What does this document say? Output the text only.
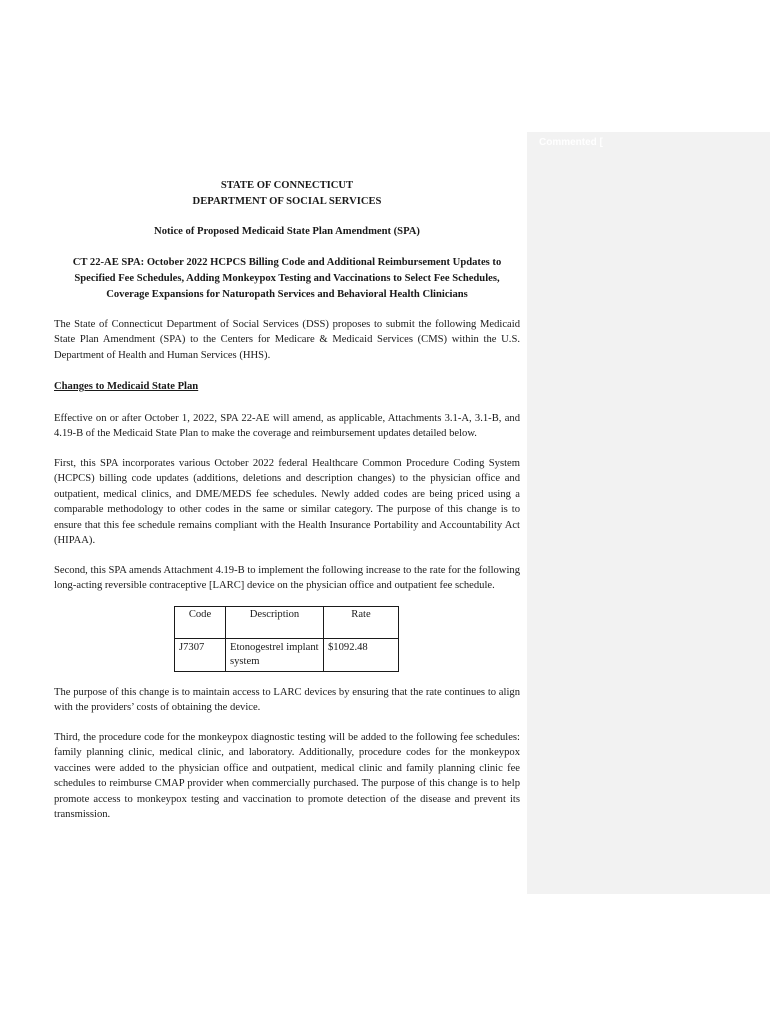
STATE OF CONNECTICUT
DEPARTMENT OF SOCIAL SERVICES
Notice of Proposed Medicaid State Plan Amendment (SPA)
CT 22-AE SPA: October 2022 HCPCS Billing Code and Additional Reimbursement Updates to Specified Fee Schedules, Adding Monkeypox Testing and Vaccinations to Select Fee Schedules, Coverage Expansions for Naturopath Services and Behavioral Health Clinicians

The State of Connecticut Department of Social Services (DSS) proposes to submit the following Medicaid State Plan Amendment (SPA) to the Centers for Medicare & Medicaid Services (CMS) within the U.S. Department of Health and Human Services (HHS).

Changes to Medicaid State Plan

Effective on or after October 1, 2022, SPA 22-AE will amend, as applicable, Attachments 3.1-A, 3.1-B, and 4.19-B of the Medicaid State Plan to make the coverage and reimbursement updates detailed below.

First, this SPA incorporates various October 2022 federal Healthcare Common Procedure Coding System (HCPCS) billing code updates (additions, deletions and description changes) to the physician office and outpatient, medical clinics, and DME/MEDS fee schedules. Newly added codes are being priced using a comparable methodology to other codes in the same or similar category. The purpose of this change is to ensure that this fee schedule remains compliant with the Health Insurance Portability and Accountability Act (HIPAA).

Second, this SPA amends Attachment 4.19-B to implement the following increase to the rate for the following long-acting reversible contraceptive [LARC] device on the physician office and outpatient fee schedule.

Code	Description	Rate
J7307	Etonogestrel implant system	$1092.48

The purpose of this change is to maintain access to LARC devices by ensuring that the rate continues to align with the providers’ costs of obtaining the device.

Third, the procedure code for the monkeypox diagnostic testing will be added to the following fee schedules: family planning clinic, medical clinic, and laboratory. Additionally, procedure codes for the monkeypox vaccines were added to the physician office and outpatient, medical clinic and family planning clinic fee schedules to reimburse CMAP provider when commercially purchased. The purpose of this change is to help promote access to monkeypox testing and vaccination to promote detection of the disease and prevent its transmission.

Commented [
